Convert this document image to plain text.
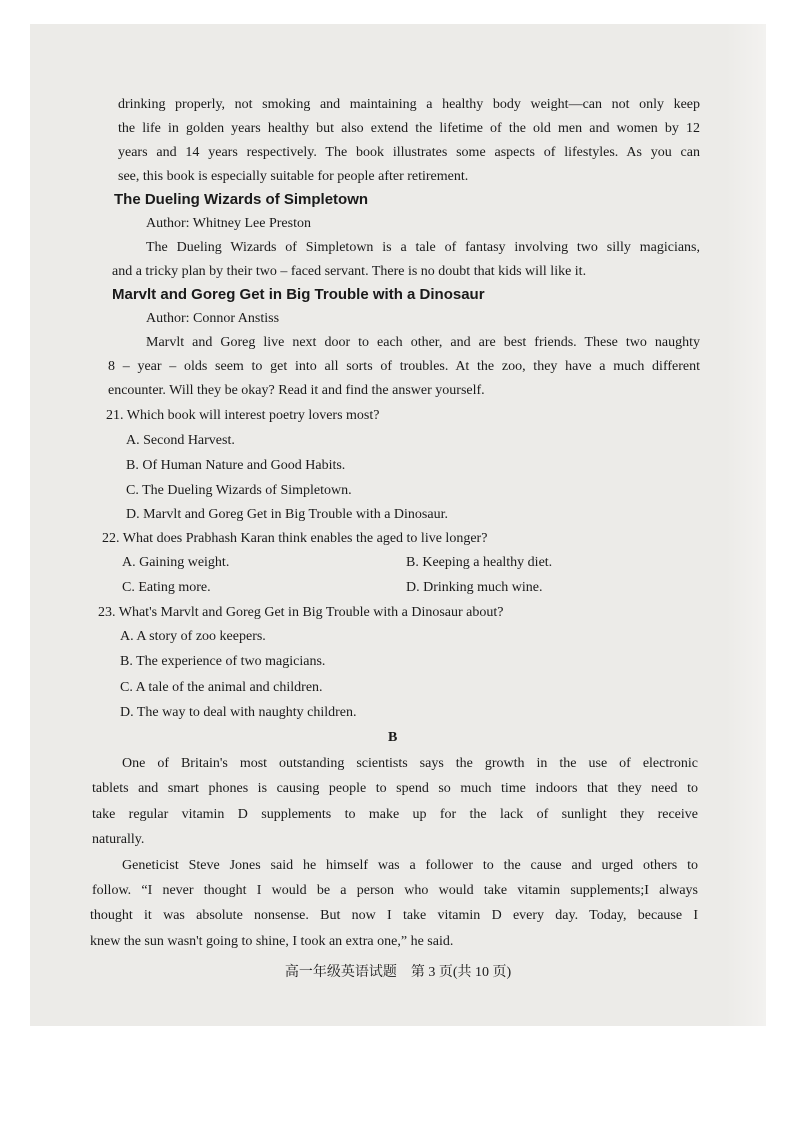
drinking properly, not smoking and maintaining a healthy body weight—can not only keep
the life in golden years healthy but also extend the lifetime of the old men and women by 12
years and 14 years respectively. The book illustrates some aspects of lifestyles. As you can
see, this book is especially suitable for people after retirement.
The Dueling Wizards of Simpletown
Author: Whitney Lee Preston
The Dueling Wizards of Simpletown is a tale of fantasy involving two silly magicians,
and a tricky plan by their two – faced servant. There is no doubt that kids will like it.
Marvlt and Goreg Get in Big Trouble with a Dinosaur
Author: Connor Anstiss
Marvlt and Goreg live next door to each other, and are best friends. These two naughty
8 – year – olds seem to get into all sorts of troubles. At the zoo, they have a much different
encounter. Will they be okay? Read it and find the answer yourself.
21. Which book will interest poetry lovers most?
A. Second Harvest.
B. Of Human Nature and Good Habits.
C. The Dueling Wizards of Simpletown.
D. Marvlt and Goreg Get in Big Trouble with a Dinosaur.
22. What does Prabhash Karan think enables the aged to live longer?
A. Gaining weight.	B. Keeping a healthy diet.
C. Eating more.	D. Drinking much wine.
23. What's Marvlt and Goreg Get in Big Trouble with a Dinosaur about?
A. A story of zoo keepers.
B. The experience of two magicians.
C. A tale of the animal and children.
D. The way to deal with naughty children.
B
One of Britain's most outstanding scientists says the growth in the use of electronic
tablets and smart phones is causing people to spend so much time indoors that they need to
take regular vitamin D supplements to make up for the lack of sunlight they receive
naturally.
Geneticist Steve Jones said he himself was a follower to the cause and urged others to
follow. “I never thought I would be a person who would take vitamin supplements;I always
thought it was absolute nonsense. But now I take vitamin D every day. Today, because I
knew the sun wasn't going to shine, I took an extra one,” he said.
高一年级英语试题　第 3 页(共 10 页)
